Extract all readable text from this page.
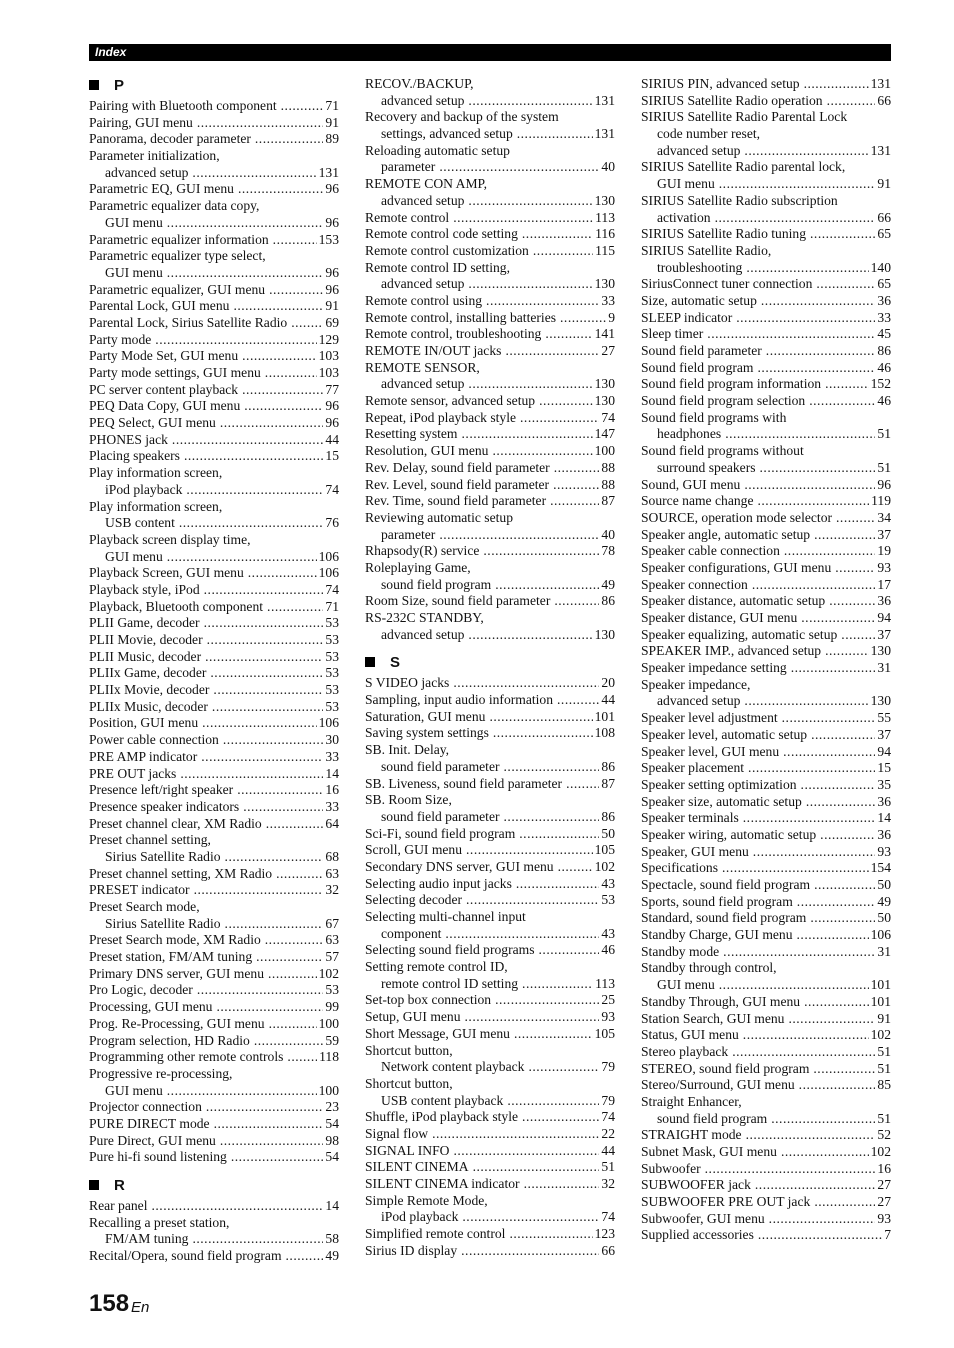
Index
P
Pairing with Bluetooth component .....	71
Pairing, GUI menu .....	91
Panorama, decoder parameter .....	89
Parameter initialization,
advanced setup .....	131
Parametric EQ, GUI menu .....	96
Parametric equalizer data copy,
GUI menu .....	96
Parametric equalizer information .....	153
Parametric equalizer type select,
GUI menu .....	96
Parametric equalizer, GUI menu .....	96
Parental Lock, GUI menu .....	91
Parental Lock, Sirius Satellite Radio .....	69
Party mode .....	129
Party Mode Set, GUI menu .....	103
Party mode settings, GUI menu .....	103
PC server content playback .....	77
PEQ Data Copy, GUI menu .....	96
PEQ Select, GUI menu .....	96
PHONES jack .....	44
Placing speakers .....	15
Play information screen,
iPod playback .....	74
Play information screen,
USB content .....	76
Playback screen display time,
GUI menu .....	106
Playback Screen, GUI menu .....	106
Playback style, iPod .....	74
Playback, Bluetooth component .....	71
PLII Game, decoder .....	53
PLII Movie, decoder .....	53
PLII Music, decoder .....	53
PLIIx Game, decoder .....	53
PLIIx Movie, decoder .....	53
PLIIx Music, decoder .....	53
Position, GUI menu .....	106
Power cable connection .....	30
PRE AMP indicator .....	33
PRE OUT jacks .....	14
Presence left/right speaker .....	16
Presence speaker indicators .....	33
Preset channel clear, XM Radio .....	64
Preset channel setting,
Sirius Satellite Radio .....	68
Preset channel setting, XM Radio .....	63
PRESET indicator .....	32
Preset Search mode,
Sirius Satellite Radio .....	67
Preset Search mode, XM Radio .....	63
Preset station, FM/AM tuning .....	57
Primary DNS server, GUI menu .....	102
Pro Logic, decoder .....	53
Processing, GUI menu .....	99
Prog. Re-Processing, GUI menu .....	100
Program selection, HD Radio .....	59
Programming other remote controls .....	118
Progressive re-processing,
GUI menu .....	100
Projector connection .....	23
PURE DIRECT mode .....	54
Pure Direct, GUI menu .....	98
Pure hi-fi sound listening .....	54
R
Rear panel .....	14
Recalling a preset station,
FM/AM tuning .....	58
Recital/Opera, sound field program .....	49
RECOV./BACKUP,
advanced setup .....	131
Recovery and backup of the system
settings, advanced setup .....	131
Reloading automatic setup
parameter .....	40
REMOTE CON AMP,
advanced setup .....	130
Remote control .....	113
Remote control code setting .....	116
Remote control customization .....	115
Remote control ID setting,
advanced setup .....	130
Remote control using .....	33
Remote control, installing batteries .....	9
Remote control, troubleshooting .....	141
REMOTE IN/OUT jacks .....	27
REMOTE SENSOR,
advanced setup .....	130
Remote sensor, advanced setup .....	130
Repeat, iPod playback style .....	74
Resetting system .....	147
Resolution, GUI menu .....	100
Rev. Delay, sound field parameter .....	88
Rev. Level, sound field parameter .....	88
Rev. Time, sound field parameter .....	87
Reviewing automatic setup
parameter .....	40
Rhapsody(R) service .....	78
Roleplaying Game,
sound field program .....	49
Room Size, sound field parameter .....	86
RS-232C STANDBY,
advanced setup .....	130
S
S VIDEO jacks .....	20
Sampling, input audio information .....	44
Saturation, GUI menu .....	101
Saving system settings .....	108
SB. Init. Delay,
sound field parameter .....	86
SB. Liveness, sound field parameter .....	87
SB. Room Size,
sound field parameter .....	86
Sci-Fi, sound field program .....	50
Scroll, GUI menu .....	105
Secondary DNS server, GUI menu .....	102
Selecting audio input jacks .....	43
Selecting decoder .....	53
Selecting multi-channel input
component .....	43
Selecting sound field programs .....	46
Setting remote control ID,
remote control ID setting .....	113
Set-top box connection .....	25
Setup, GUI menu .....	93
Short Message, GUI menu .....	105
Shortcut button,
Network content playback .....	79
Shortcut button,
USB content playback .....	79
Shuffle, iPod playback style .....	74
Signal flow .....	22
SIGNAL INFO .....	44
SILENT CINEMA .....	51
SILENT CINEMA indicator .....	32
Simple Remote Mode,
iPod playback .....	74
Simplified remote control .....	123
Sirius ID display .....	66
SIRIUS PIN, advanced setup .....	131
SIRIUS Satellite Radio operation .....	66
SIRIUS Satellite Radio Parental Lock
code number reset,
advanced setup .....	131
SIRIUS Satellite Radio parental lock,
GUI menu .....	91
SIRIUS Satellite Radio subscription
activation .....	66
SIRIUS Satellite Radio tuning .....	65
SIRIUS Satellite Radio,
troubleshooting .....	140
SiriusConnect tuner connection .....	65
Size, automatic setup .....	36
SLEEP indicator .....	33
Sleep timer .....	45
Sound field parameter .....	86
Sound field program .....	46
Sound field program information .....	152
Sound field program selection .....	46
Sound field programs with
headphones .....	51
Sound field programs without
surround speakers .....	51
Sound, GUI menu .....	96
Source name change .....	119
SOURCE, operation mode selector .....	34
Speaker angle, automatic setup .....	37
Speaker cable connection .....	19
Speaker configurations, GUI menu .....	93
Speaker connection .....	17
Speaker distance, automatic setup .....	36
Speaker distance, GUI menu .....	94
Speaker equalizing, automatic setup .....	37
SPEAKER IMP., advanced setup .....	130
Speaker impedance setting .....	31
Speaker impedance,
advanced setup .....	130
Speaker level adjustment .....	55
Speaker level, automatic setup .....	37
Speaker level, GUI menu .....	94
Speaker placement .....	15
Speaker setting optimization .....	35
Speaker size, automatic setup .....	36
Speaker terminals .....	14
Speaker wiring, automatic setup .....	36
Speaker, GUI menu .....	93
Specifications .....	154
Spectacle, sound field program .....	50
Sports, sound field program .....	49
Standard, sound field program .....	50
Standby Charge, GUI menu .....	106
Standby mode .....	31
Standby through control,
GUI menu .....	101
Standby Through, GUI menu .....	101
Station Search, GUI menu .....	91
Status, GUI menu .....	102
Stereo playback .....	51
STEREO, sound field program .....	51
Stereo/Surround, GUI menu .....	85
Straight Enhancer,
sound field program .....	51
STRAIGHT mode .....	52
Subnet Mask, GUI menu .....	102
Subwoofer .....	16
SUBWOOFER jack .....	27
SUBWOOFER PRE OUT jack .....	27
Subwoofer, GUI menu .....	93
Supplied accessories .....	7
158 En
